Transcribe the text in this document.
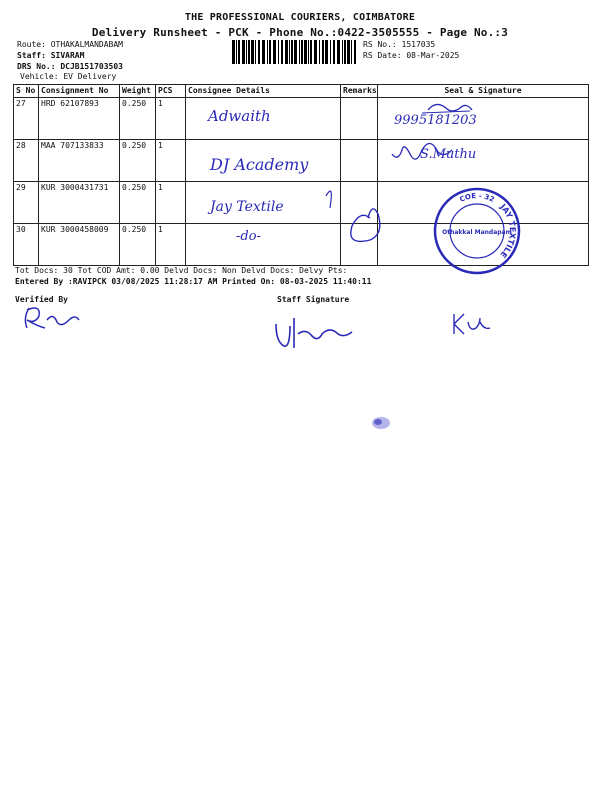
THE PROFESSIONAL COURIERS, COIMBATORE
Delivery Runsheet - PCK - Phone No.:0422-3505555 - Page No.:3
Route: OTHAKALMANDABAM
Staff: SIVARAM
DRS No.: DCJB151703503
Vehicle: EV Delivery
RS No.: 1517035
RS Date: 08-Mar-2025
S No	Consignment No	Weight	PCS	Consignee Details	Remarks	Seal & Signature
27	HRD 62107893	0.250	1	Adwaith		9995181203

28	MAA 707133833	0.250	1	DJ Academy		S.Muthu

29	KUR 3000431731	0.250	1	Jay Textile		

30	KUR 3000458009	0.250	1	-do-		

COE - 32
JAY TEXTILE
Othakkal Mandapam
Tot Docs: 30 Tot COD Amt: 0.00 Delvd Docs: Non Delvd Docs: Delvy Pts:
Entered By :RAVIPCK 03/08/2025 11:28:17 AM Printed On: 08-03-2025 11:40:11
Verified By	Staff Signature
